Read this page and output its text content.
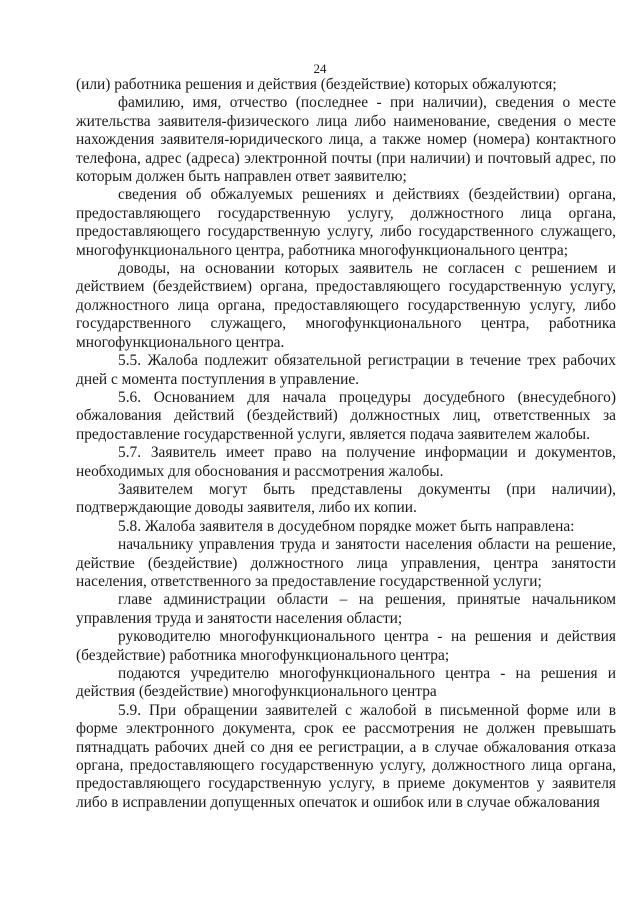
24

(или) работника решения и действия (бездействие) которых обжалуются;

фамилию, имя, отчество (последнее - при наличии), сведения о месте жительства заявителя-физического лица либо наименование, сведения о месте нахождения заявителя-юридического лица, а также номер (номера) контактного телефона, адрес (адреса) электронной почты (при наличии) и почтовый адрес, по которым должен быть направлен ответ заявителю;

сведения об обжалуемых решениях и действиях (бездействии) органа, предоставляющего государственную услугу, должностного лица органа, предоставляющего государственную услугу, либо государственного служащего, многофункционального центра, работника многофункционального центра;

доводы, на основании которых заявитель не согласен с решением и действием (бездействием) органа, предоставляющего государственную услугу, должностного лица органа, предоставляющего государственную услугу, либо государственного служащего, многофункционального центра, работника многофункционального центра.

5.5. Жалоба подлежит обязательной регистрации в течение трех рабочих дней с момента поступления в управление.

5.6. Основанием для начала процедуры досудебного (внесудебного) обжалования действий (бездействий) должностных лиц, ответственных за предоставление государственной услуги, является подача заявителем жалобы.

5.7. Заявитель имеет право на получение информации и документов, необходимых для обоснования и рассмотрения жалобы.

Заявителем могут быть представлены документы (при наличии), подтверждающие доводы заявителя, либо их копии.

5.8. Жалоба заявителя в досудебном порядке может быть направлена:

начальнику управления труда и занятости населения области на решение, действие (бездействие) должностного лица управления, центра занятости населения, ответственного за предоставление государственной услуги;

главе администрации области – на решения, принятые начальником управления труда и занятости населения области;

руководителю многофункционального центра - на решения и действия (бездействие) работника многофункционального центра;

подаются учредителю многофункционального центра - на решения и действия (бездействие) многофункционального центра

5.9. При обращении заявителей с жалобой в письменной форме или в форме электронного документа, срок ее рассмотрения не должен превышать пятнадцать рабочих дней со дня ее регистрации, а в случае обжалования отказа органа, предоставляющего государственную услугу, должностного лица органа, предоставляющего государственную услугу, в приеме документов у заявителя либо в исправлении допущенных опечаток и ошибок или в случае обжалования
